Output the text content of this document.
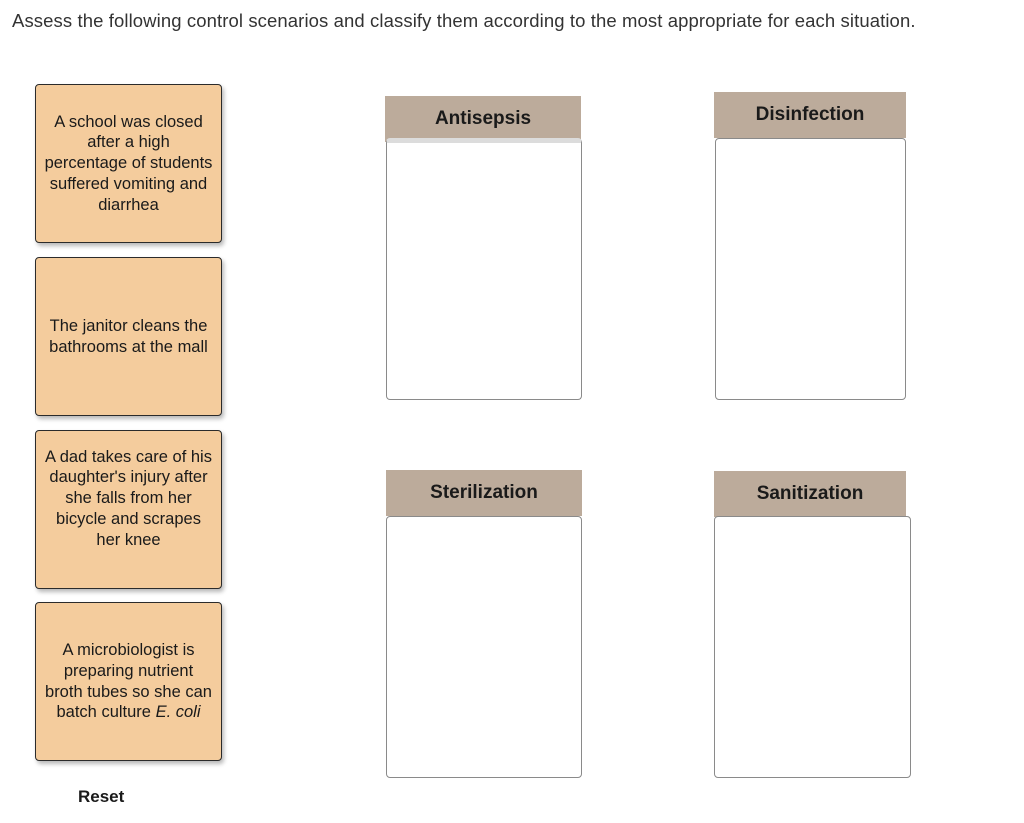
Assess the following control scenarios and classify them according to the most appropriate for each situation.
A school was closed after a high percentage of students suffered vomiting and diarrhea
The janitor cleans the bathrooms at the mall
A dad takes care of his daughter's injury after she falls from her bicycle and scrapes her knee
A microbiologist is preparing nutrient broth tubes so she can batch culture E. coli
Antisepsis	Disinfection
Sterilization	Sanitization
Reset
